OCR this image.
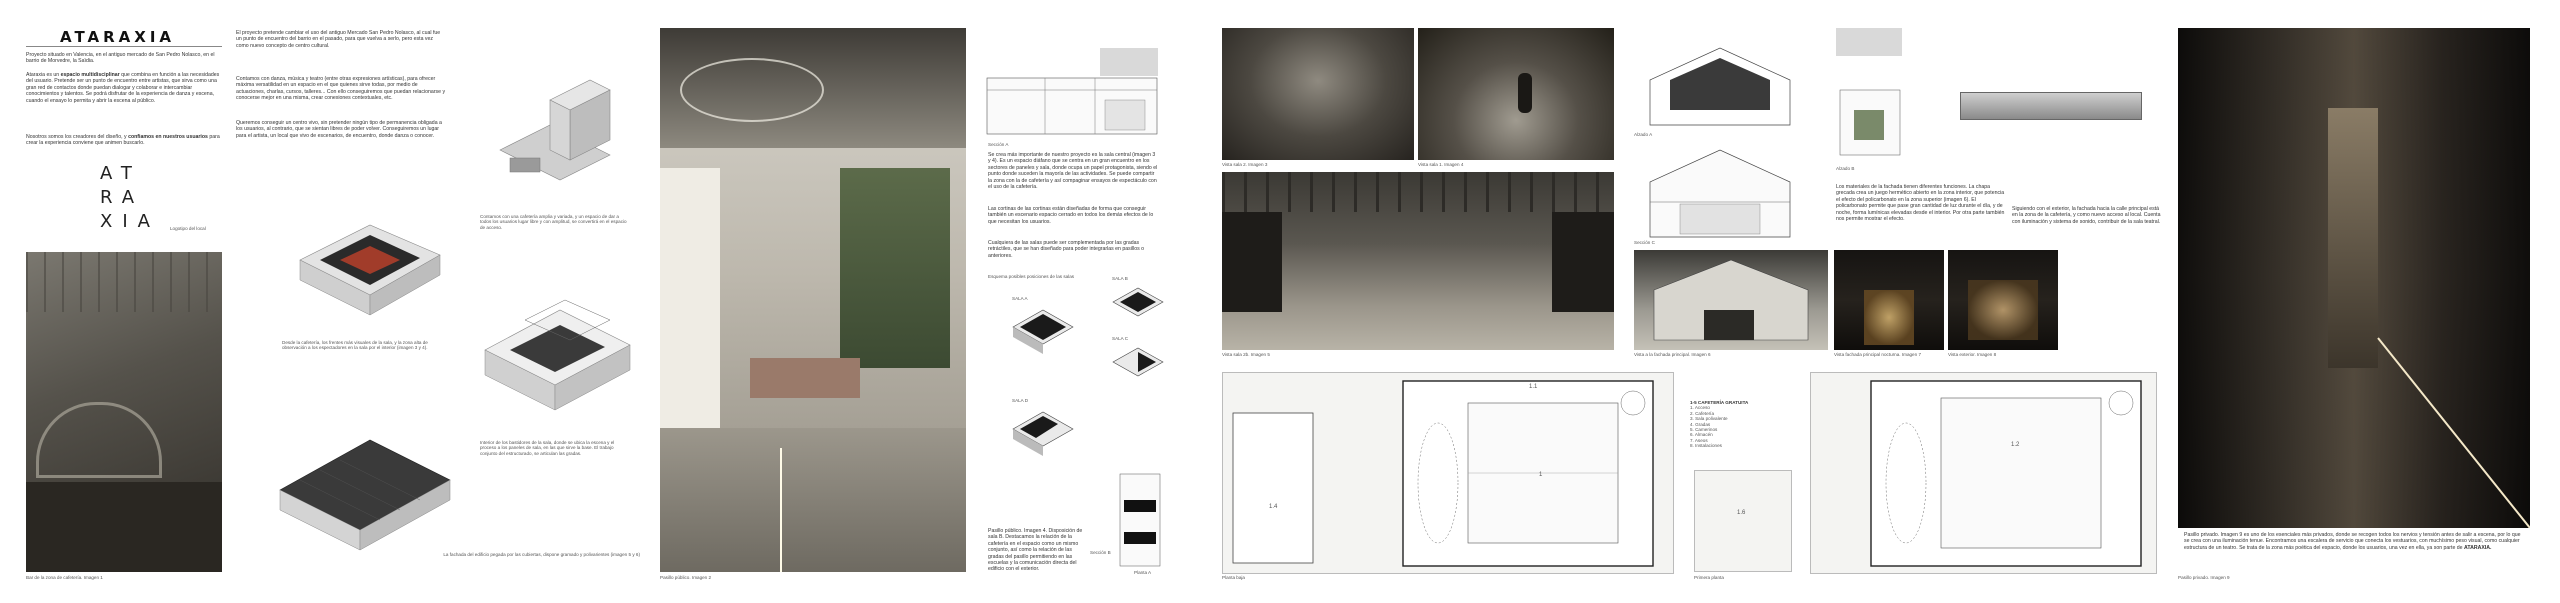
ATARAXIA
Proyecto situado en Valencia, en el antiguo mercado de San Pedro Nolasco, en el barrio de Morvedre, la Saïdia.
Ataraxia es un espacio multidisciplinar que combina en función a las necesidades del usuario. Pretende ser un punto de encuentro entre artistas, que sirva como una gran red de contactos donde puedan dialogar y colaborar e intercambiar conocimientos y talentos. Se podrá disfrutar de la experiencia de danza y escena, cuando el ensayo lo permita y abrir la escena al público.
Nosotros somos los creadores del diseño, y confiamos en nuestros usuarios para crear la experiencia conviene que animen buscarlo.
AT
RA
XIA Logotipo del local
Bar de la zona de cafetería. Imagen 1
El proyecto pretende cambiar el uso del antiguo Mercado San Pedro Nolasco, al cual fue un punto de encuentro del barrio en el pasado, para que vuelva a serlo, pero esta vez como nuevo concepto de centro cultural.
Contamos con danza, música y teatro (entre otras expresiones artísticas), para ofrecer máxima versatilidad en un espacio en el que quienes sirve todas, por medio de actuaciones, charlas, cursos, talleres... Con ello conseguiremos que puedan relacionarse y conocerse mejor en una misma, crear conexiones contextuales, etc.
Queremos conseguir un centro vivo, sin pretender ningún tipo de permanencia obligada a los usuarios, al contrario, que se sientan libres de poder volver. Conseguiremos un lugar para el artista, un local que vivo de escenarios, de encuentro, donde danza o conocer.
Contamos con una cafetería amplia y variada, y un espacio de dar a todos los usuarios lugar libre y con amplitud, se convertirá en el espacio de acceso.
Desde la cafetería, los frentes más visuales de la sala, y la zona alta de observación a los espectadores en la sala por el interior (imagen 3 y 4).
Interior de los bastidores de la sala, donde se ubica la escena y el proceso a los paneles de sala, en las que sirve la base. El trabajo conjunto del estructurado, se articulan las gradas.
La fachada del edificio pegada por las cubiertas, dispone gramado y polivarientes (imagen 5 y 6)
Pasillo público. Imagen 2
Sección A
Se crea más importante de nuestro proyecto es la sala central (imagen 3 y 4). Es un espacio diáfano que se centra en un gran encuentro en los sectores de paneles y sala, donde ocupa un papel protagonista, siendo el punto donde suceden la mayoría de las actividades. Se puede compartir la zona con la de cafetería y así compaginar ensayos de espectáculo con el uso de la cafetería.
Las cortinas de las cortinas están diseñadas de forma que conseguir también un escenario espacio cerrado en todos los demás efectos de lo que necesitan los usuarios.
Cualquiera de las salas puede ser complementada por las gradas retráctiles, que se han diseñado para poder integrarlas en pasillos o anteriores.
Esquema posibles posiciones de las salas
SALA A
SALA B
SALA C
SALA D
Sección B
Planta A
Pasillo público. Imagen 4. Disposición de sala B. Destacamos la relación de la cafetería en el espacio como un mismo conjunto, así como la relación de las gradas del pasillo permitiendo en las escuelas y la comunicación directa del edificio con el exterior.
Vista sala 2. Imagen 3	Vista sala 1. Imagen 4
Vista sala 2b. Imagen 5
1.1
1
1.4
Planta baja
1-5 CAFETERÍA GRATUITA
1. Acceso
2. Cafetería
3. Sala polivalente
4. Gradas
5. Camerinos
6. Almacén
7. Aseos
8. Instalaciones
1.6
Primera planta
1.2
Alzado A
Sección C
Alzado B
Los materiales de la fachada tienen diferentes funciones. La chapa grecada crea un juego hermético abierto en la zona interior, que potencia el efecto del policarbonato en la zona superior (imagen 6). El policarbonato permite que pase gran cantidad de luz durante el día, y de noche, forma lumínicas elevadas desde el interior. Por otra parte también nos permite mostrar el efecto.
Siguiendo con el exterior, la fachada hacia la calle principal está en la zona de la cafetería, y como nuevo acceso al local. Cuenta con iluminación y sistema de sonido, contribuir de la sala teatral.
Vista a la fachada principal. Imagen 6	Vista fachada principal nocturna. Imagen 7	Vista exterior. Imagen 8
Pasillo privado. Imagen 9 es uno de los esenciales más privados, donde se recogen todos los nervios y tensión antes de salir a escena, por lo que se crea con una iluminación tenue. Encontramos una escalera de servicio que conecta los vestuarios, con muchísimo peso visual, como cualquier estructura de un teatro. Se trata de la zona más poética del espacio, donde los usuarios, una vez en ella, ya son parte de ATARAXIA.
Pasillo privado. Imagen 9
